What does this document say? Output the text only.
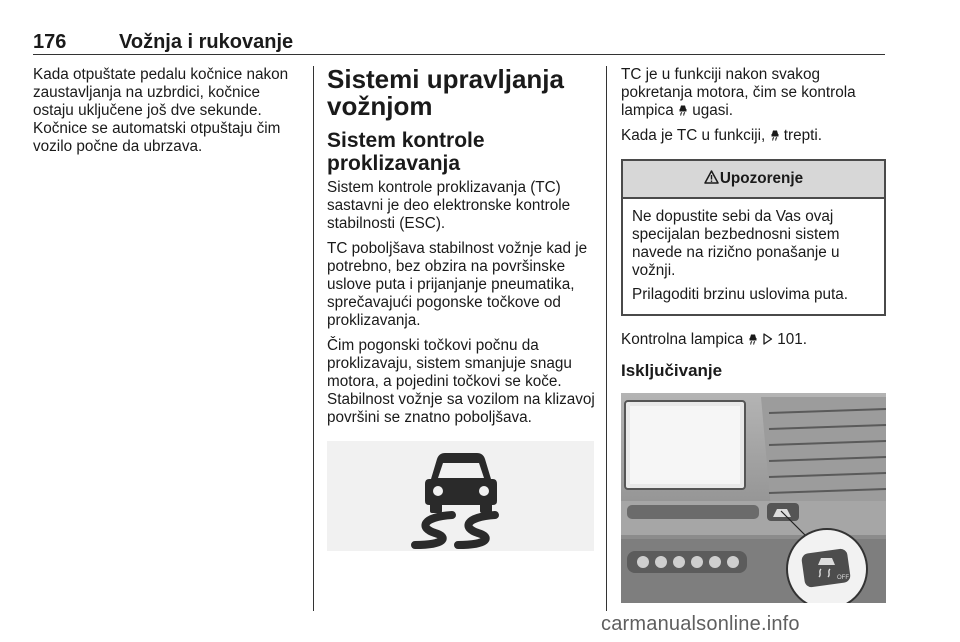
176	Vožnja i rukovanje

Kada otpuštate pedalu kočnice nakon zaustavljanja na uzbrdici, kočnice ostaju uključene još dve sekunde. Kočnice se automatski otpuštaju čim vozilo počne da ubrzava.

Sistemi upravljanja vožnjom
Sistem kontrole proklizavanja

Sistem kontrole proklizavanja (TC) sastavni je deo elektronske kontrole stabilnosti (ESC).

TC poboljšava stabilnost vožnje kad je potrebno, bez obzira na površinske uslove puta i prijanjanje pneumatika, sprečavajući pogonske točkove od proklizavanja.

Čim pogonski točkovi počnu da proklizavaju, sistem smanjuje snagu motora, a pojedini točkovi se koče. Stabilnost vožnje sa vozilom na klizavoj površini se znatno poboljšava.

TC je u funkciji nakon svakog pokretanja motora, čim se kontrola lampica ugasi.

Kada je TC u funkciji, trepti.

Upozorenje

Ne dopustite sebi da Vas ovaj specijalan bezbednosni sistem navede na rizično ponašanje u vožnji.

Prilagoditi brzinu uslovima puta.

Kontrolna lampica 101.

Isključivanje
OFF
carmanualsonline.info
